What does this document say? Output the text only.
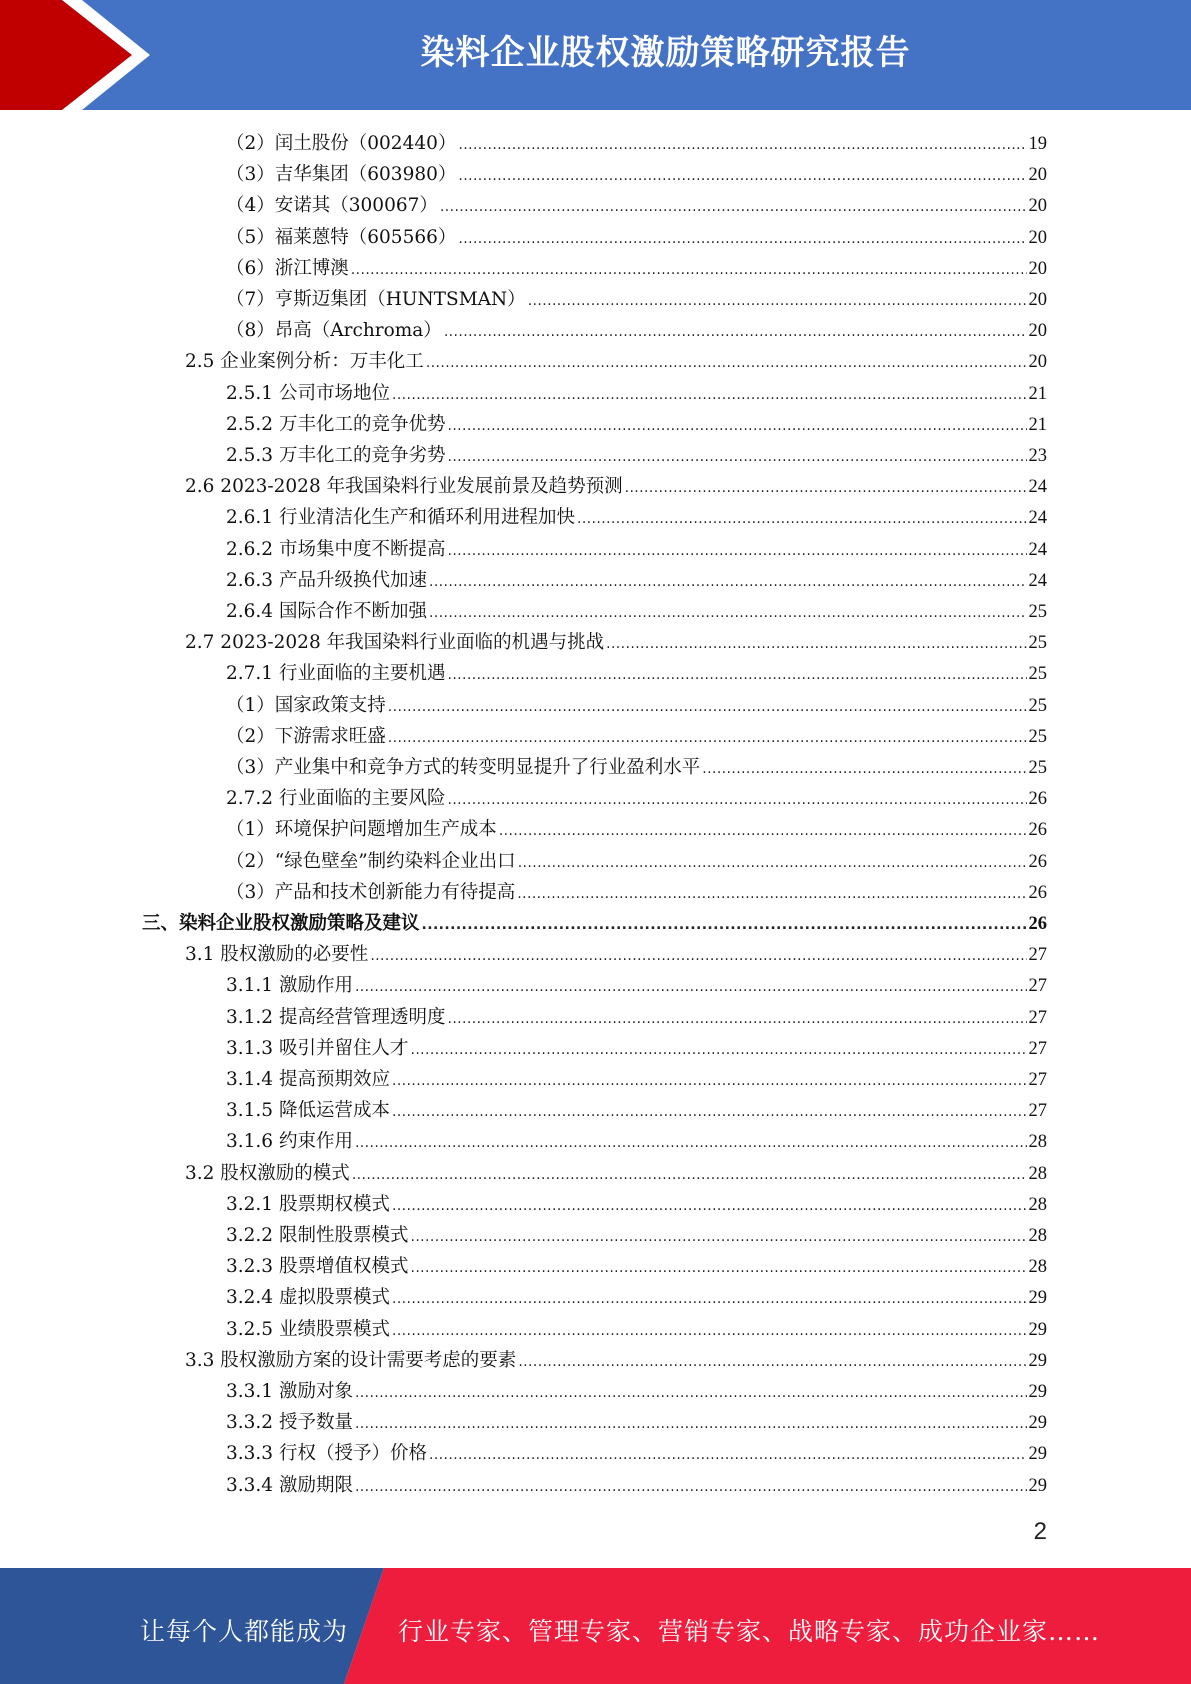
染料企业股权激励策略研究报告
（2）闰土股份（002440） .....	19
（3）吉华集团（603980） .....	20
（4）安诺其（300067） .....	20
（5）福莱蒽特（605566） .....	20
（6）浙江博澳 .....	20
（7）亨斯迈集团（HUNTSMAN） .....	20
（8）昂高（Archroma） .....	20
2.5 企业案例分析：万丰化工 .....	20
2.5.1 公司市场地位 .....	21
2.5.2 万丰化工的竞争优势 .....	21
2.5.3 万丰化工的竞争劣势 .....	23
2.6 2023-2028 年我国染料行业发展前景及趋势预测 .....	24
2.6.1 行业清洁化生产和循环利用进程加快 .....	24
2.6.2 市场集中度不断提高 .....	24
2.6.3 产品升级换代加速 .....	24
2.6.4 国际合作不断加强 .....	25
2.7 2023-2028 年我国染料行业面临的机遇与挑战 .....	25
2.7.1 行业面临的主要机遇 .....	25
（1）国家政策支持 .....	25
（2）下游需求旺盛 .....	25
（3）产业集中和竞争方式的转变明显提升了行业盈利水平 .....	25
2.7.2 行业面临的主要风险 .....	26
（1）环境保护问题增加生产成本 .....	26
（2）“绿色壁垒”制约染料企业出口 .....	26
（3）产品和技术创新能力有待提高 .....	26
三、染料企业股权激励策略及建议 .....	26
3.1 股权激励的必要性 .....	27
3.1.1 激励作用 .....	27
3.1.2 提高经营管理透明度 .....	27
3.1.3 吸引并留住人才 .....	27
3.1.4 提高预期效应 .....	27
3.1.5 降低运营成本 .....	27
3.1.6 约束作用 .....	28
3.2 股权激励的模式 .....	28
3.2.1 股票期权模式 .....	28
3.2.2 限制性股票模式 .....	28
3.2.3 股票增值权模式 .....	28
3.2.4 虚拟股票模式 .....	29
3.2.5 业绩股票模式 .....	29
3.3 股权激励方案的设计需要考虑的要素 .....	29
3.3.1 激励对象 .....	29
3.3.2 授予数量 .....	29
3.3.3 行权（授予）价格 .....	29
3.3.4 激励期限 .....	29
2
让每个人都能成为 行业专家、管理专家、营销专家、战略专家、成功企业家……
